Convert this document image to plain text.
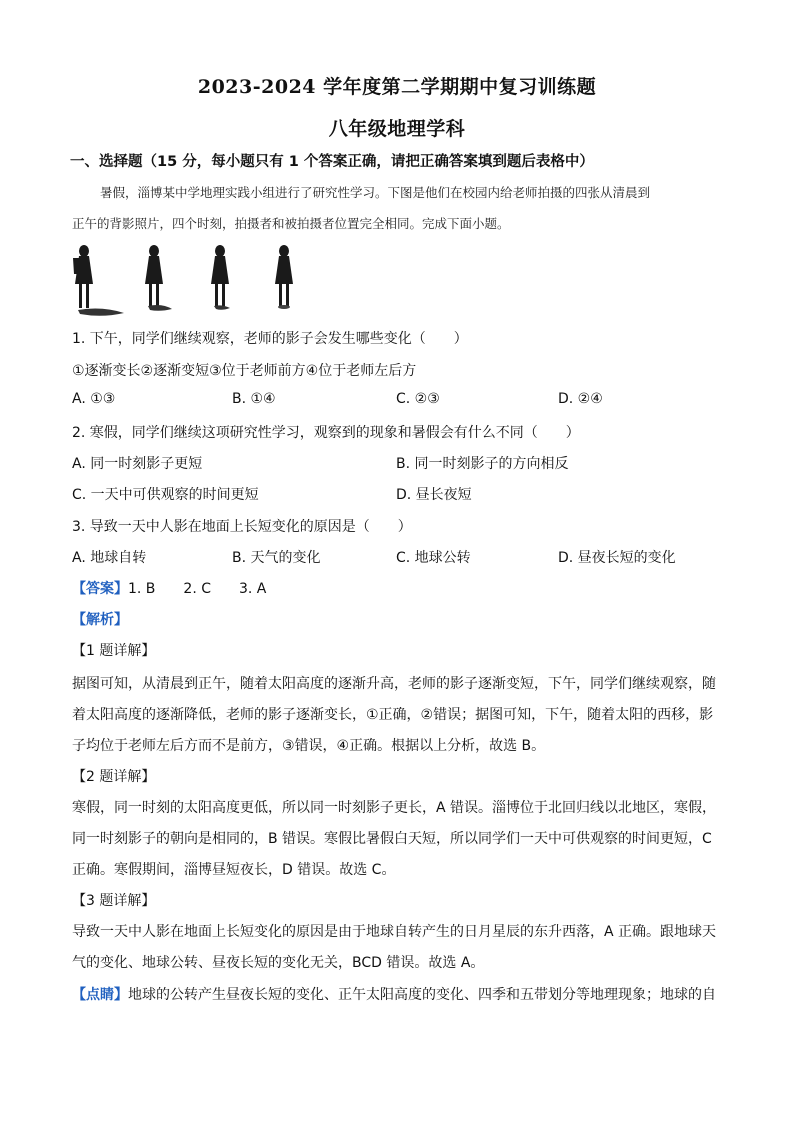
2023-2024 学年度第二学期期中复习训练题
八年级地理学科
一、选择题（15 分，每小题只有 1 个答案正确，请把正确答案填到题后表格中）
暑假，淄博某中学地理实践小组进行了研究性学习。下图是他们在校园内给老师拍摄的四张从清晨到
正午的背影照片，四个时刻，拍摄者和被拍摄者位置完全相同。完成下面小题。
1. 下午，同学们继续观察，老师的影子会发生哪些变化（　　）
①逐渐变长②逐渐变短③位于老师前方④位于老师左后方
A. ①③	B. ①④	C. ②③	D. ②④
2. 寒假，同学们继续这项研究性学习，观察到的现象和暑假会有什么不同（　　）
A. 同一时刻影子更短	B. 同一时刻影子的方向相反
C. 一天中可供观察的时间更短	D. 昼长夜短
3. 导致一天中人影在地面上长短变化的原因是（　　）
A. 地球自转	B. 天气的变化	C. 地球公转	D. 昼夜长短的变化
【答案】1. B　　2. C　　3. A
【解析】
【1 题详解】
据图可知，从清晨到正午，随着太阳高度的逐渐升高，老师的影子逐渐变短，下午，同学们继续观察，随
着太阳高度的逐渐降低，老师的影子逐渐变长，①正确，②错误；据图可知，下午，随着太阳的西移，影
子均位于老师左后方而不是前方，③错误，④正确。根据以上分析，故选 B。
【2 题详解】
寒假，同一时刻的太阳高度更低，所以同一时刻影子更长，A 错误。淄博位于北回归线以北地区，寒假，
同一时刻影子的朝向是相同的，B 错误。寒假比暑假白天短，所以同学们一天中可供观察的时间更短，C
正确。寒假期间，淄博昼短夜长，D 错误。故选 C。
【3 题详解】
导致一天中人影在地面上长短变化的原因是由于地球自转产生的日月星辰的东升西落，A 正确。跟地球天
气的变化、地球公转、昼夜长短的变化无关，BCD 错误。故选 A。
【点睛】地球的公转产生昼夜长短的变化、正午太阳高度的变化、四季和五带划分等地理现象；地球的自
